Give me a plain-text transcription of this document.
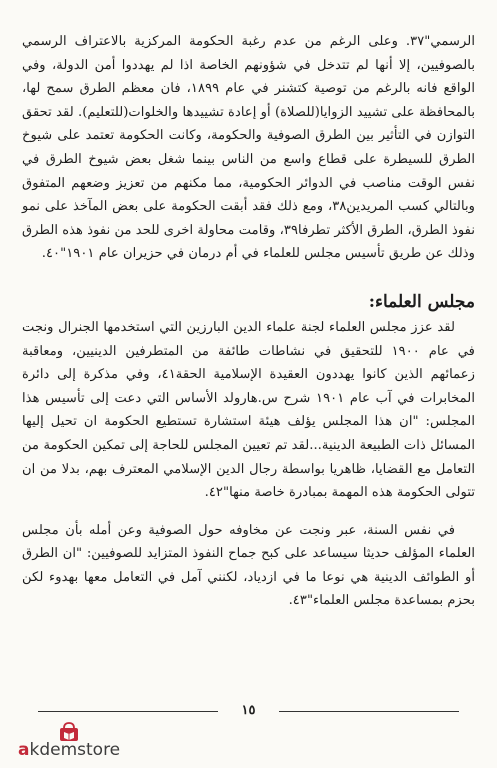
الرسمي"٣٧. وعلى الرغم من عدم رغبة الحكومة المركزية بالاعتراف الرسمي بالصوفيين، إلا أنها لم تتدخل في شؤونهم الخاصة اذا لم يهددوا أمن الدولة، وفي الواقع فانه بالرغم من توصية كتشنر في عام ١٨٩٩، فان معظم الطرق سمح لها، بالمحافظة على تشييد الزوايا(للصلاة) أو إعادة تشييدها والخلوات(للتعليم). لقد تحقق التوازن في التأثير بين الطرق الصوفية والحكومة، وكانت الحكومة تعتمد على شيوخ الطرق للسيطرة على قطاع واسع من الناس بينما شغل بعض شيوخ الطرق في نفس الوقت مناصب في الدوائر الحكومية، مما مكنهم من تعزيز وضعهم المتفوق وبالتالي كسب المريدين٣٨، ومع ذلك فقد أبقت الحكومة على بعض المآخذ على نمو نفوذ الطرق، الطرق الأكثر تطرفا٣٩، وقامت محاولة اخرى للحد من نفوذ هذه الطرق وذلك عن طريق تأسيس مجلس للعلماء في أم درمان في حزيران عام ١٩٠١"٤٠.

مجلس العلماء:

لقد عزز مجلس العلماء لجنة علماء الدين البارزين التي استخدمها الجنرال ونجت في عام ١٩٠٠ للتحقيق في نشاطات طائفة من المتطرفين الدينيين، ومعاقبة زعمائهم الذين كانوا يهددون العقيدة الإسلامية الحقة٤١، وفي مذكرة إلى دائرة المخابرات في آب عام ١٩٠١ شرح س.هارولد الأساس التي دعت إلى تأسيس هذا المجلس: "ان هذا المجلس يؤلف هيئة استشارة تستطيع الحكومة ان تحيل إليها المسائل ذات الطبيعة الدينية...لقد تم تعيين المجلس للحاجة إلى تمكين الحكومة من التعامل مع القضايا، ظاهريا بواسطة رجال الدين الإسلامي المعترف بهم، بدلا من ان تتولى الحكومة هذه المهمة بمبادرة خاصة منها"٤٢.

في نفس السنة، عبر ونجت عن مخاوفه حول الصوفية وعن أمله بأن مجلس العلماء المؤلف حديثا سيساعد على كبح جماح النفوذ المتزايد للصوفيين: "ان الطرق أو الطوائف الدينية هي نوعا ما في ازدياد، لكنني آمل في التعامل معها بهدوء لكن بحزم بمساعدة مجلس العلماء"٤٣.

١٥
akdemstore
